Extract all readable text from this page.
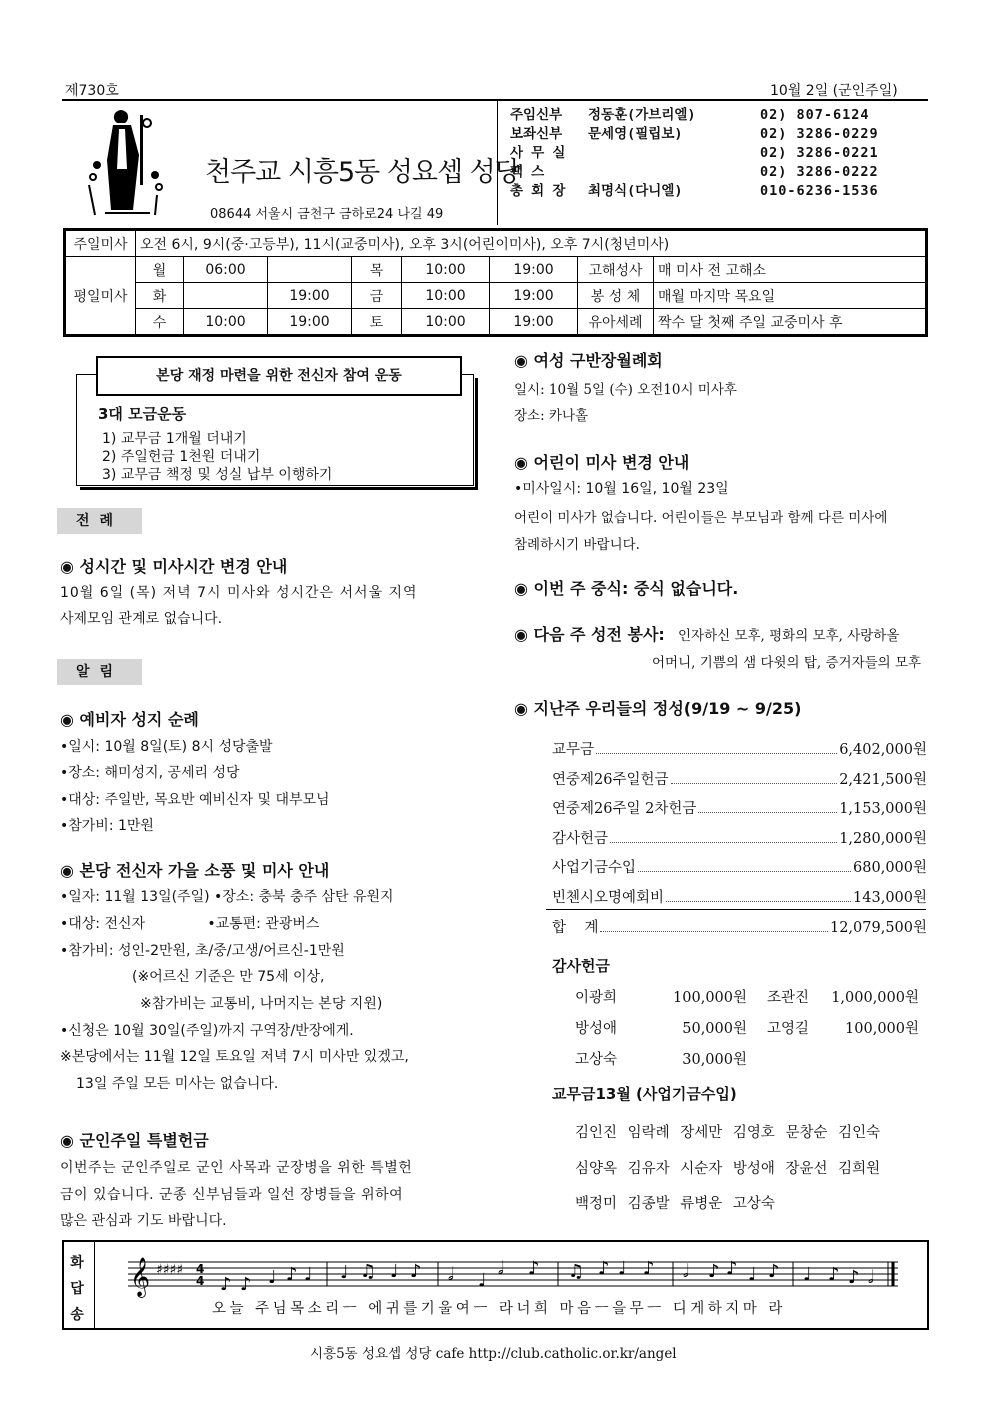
제730호	10월 2일 (군인주일)
천주교 시흥5동 성요셉 성당
08644 서울시 금천구 금하로24 나길 49
주임신부	정동훈(가브리엘)	02) 807-6124
보좌신부	문세영(필립보)	02) 3286-0229
사 무 실	02) 3286-0221
팩 스	02) 3286-0222
총 회 장	최명식(다니엘)	010-6236-1536
주일미사	오전 6시, 9시(중·고등부), 11시(교중미사), 오후 3시(어린이미사), 오후 7시(청년미사)							
평일미사	월	06:00		목	10:00	19:00	고해성사	매 미사 전 고해소
	화		19:00	금	10:00	19:00	봉 성 체	매월 마지막 목요일
	수	10:00	19:00	토	10:00	19:00	유아세례	짝수 달 첫째 주일 교중미사 후
본당 재정 마련을 위한 전신자 참여 운동
3대 모금운동
1) 교무금 1개월 더내기
2) 주일헌금 1천원 더내기
3) 교무금 책정 및 성실 납부 이행하기
전례
◉ 성시간 및 미사시간 변경 안내
10월 6일 (목) 저녁 7시 미사와 성시간은 서서울 지역
사제모임 관계로 없습니다.
알림
◉ 예비자 성지 순례
•일시: 10월 8일(토) 8시 성당출발
•장소: 해미성지, 공세리 성당
•대상: 주일반, 목요반 예비신자 및 대부모님
•참가비: 1만원
◉ 본당 전신자 가을 소풍 및 미사 안내
•일자: 11월 13일(주일) •장소: 충북 충주 삼탄 유원지
•대상: 전신자              •교통편: 관광버스
•참가비: 성인-2만원, 초/중/고생/어르신-1만원
(※어르신 기준은 만 75세 이상,
※참가비는 교통비, 나머지는 본당 지원)
•신청은 10월 30일(주일)까지 구역장/반장에게.
※본당에서는 11월 12일 토요일 저녁 7시 미사만 있겠고,
13일 주일 모든 미사는 없습니다.
◉ 군인주일 특별헌금
이번주는 군인주일로 군인 사목과 군장병을 위한 특별헌
금이 있습니다. 군종 신부님들과 일선 장병들을 위하여
많은 관심과 기도 바랍니다.
◉ 여성 구반장월례회
일시: 10월 5일 (수) 오전10시 미사후
장소: 카나홀
◉ 어린이 미사 변경 안내
•미사일시: 10월 16일, 10월 23일
어린이 미사가 없습니다. 어린이들은 부모님과 함께 다른 미사에
참례하시기 바랍니다.
◉ 이번 주 중식: 중식 없습니다.
◉ 다음 주 성전 봉사: 인자하신 모후, 평화의 모후, 사랑하올
어머니, 기쁨의 샘 다윗의 탑, 증거자들의 모후
◉ 지난주 우리들의 정성(9/19 ~ 9/25)
교무금	6,402,000원
연중제26주일헌금	2,421,500원
연중제26주일 2차헌금	1,153,000원
감사헌금	1,280,000원
사업기금수입	680,000원
빈첸시오명예회비	143,000원
합    계	12,079,500원
감사헌금
이광희	100,000원	조관진	1,000,000원
방성애	50,000원	고영길	100,000원
고상숙	30,000원
교무금13월 (사업기금수입)
김인진 임락례 장세만 김영호 문창순 김인숙
심양옥 김유자 시순자 방성애 장윤선 김희원
백정미 김종발 류병운 고상숙
화
답
송
𝄞 ♯♯♯♯ 4
4 ♪ ♪ ♩ ♪ ♩ ♩ ♫ ♩ ♪ 𝅗𝅥 ♩
𝅗𝅥 ♪ ♫ ♪ ♩ ♪ 𝅗𝅥 ♪ ♪ ♩ ♪ ♩ ♪ ♪ 𝅗𝅥
오늘 주님목소리ㅡ 에귀를기울여ㅡ 라너희 마음ㅡ을무ㅡ 디게하지마 라
시흥5동 성요셉 성당 cafe http://club.catholic.or.kr/angel
